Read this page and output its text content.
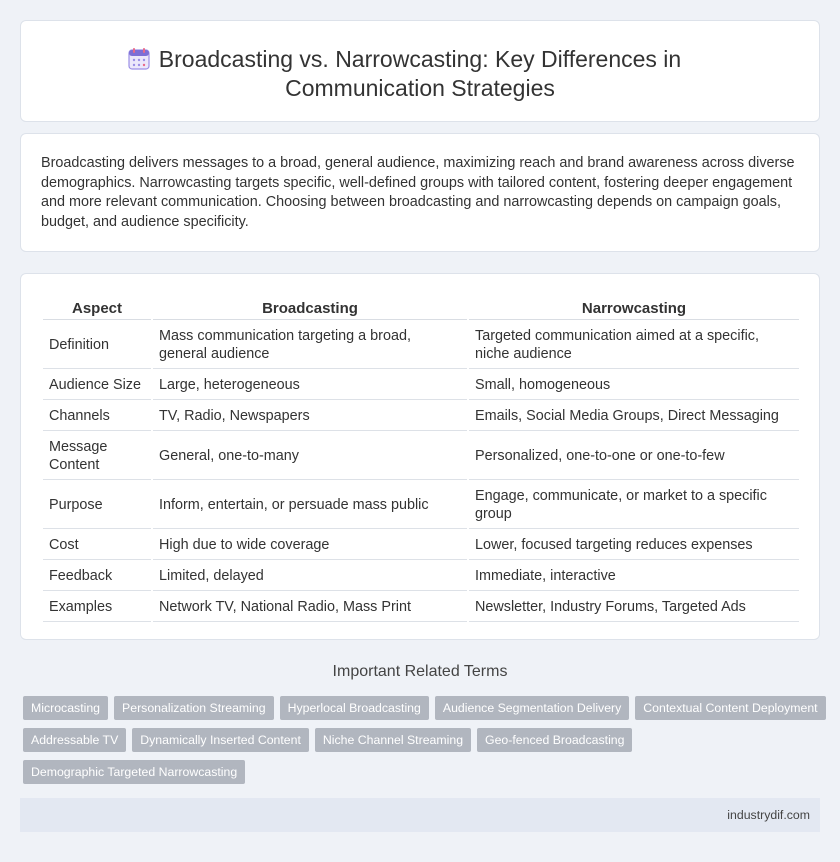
Broadcasting vs. Narrowcasting: Key Differences in Communication Strategies

Broadcasting delivers messages to a broad, general audience, maximizing reach and brand awareness across diverse demographics. Narrowcasting targets specific, well-defined groups with tailored content, fostering deeper engagement and more relevant communication. Choosing between broadcasting and narrowcasting depends on campaign goals, budget, and audience specificity.

Aspect	Broadcasting	Narrowcasting
Definition	Mass communication targeting a broad, general audience	Targeted communication aimed at a specific, niche audience
Audience Size	Large, heterogeneous	Small, homogeneous
Channels	TV, Radio, Newspapers	Emails, Social Media Groups, Direct Messaging
Message Content	General, one-to-many	Personalized, one-to-one or one-to-few
Purpose	Inform, entertain, or persuade mass public	Engage, communicate, or market to a specific group
Cost	High due to wide coverage	Lower, focused targeting reduces expenses
Feedback	Limited, delayed	Immediate, interactive
Examples	Network TV, National Radio, Mass Print	Newsletter, Industry Forums, Targeted Ads
Important Related Terms
Microcasting	Personalization Streaming	Hyperlocal Broadcasting	Audience Segmentation Delivery	Contextual Content Deployment
Addressable TV	Dynamically Inserted Content	Niche Channel Streaming	Geo-fenced Broadcasting
Demographic Targeted Narrowcasting
industrydif.com
